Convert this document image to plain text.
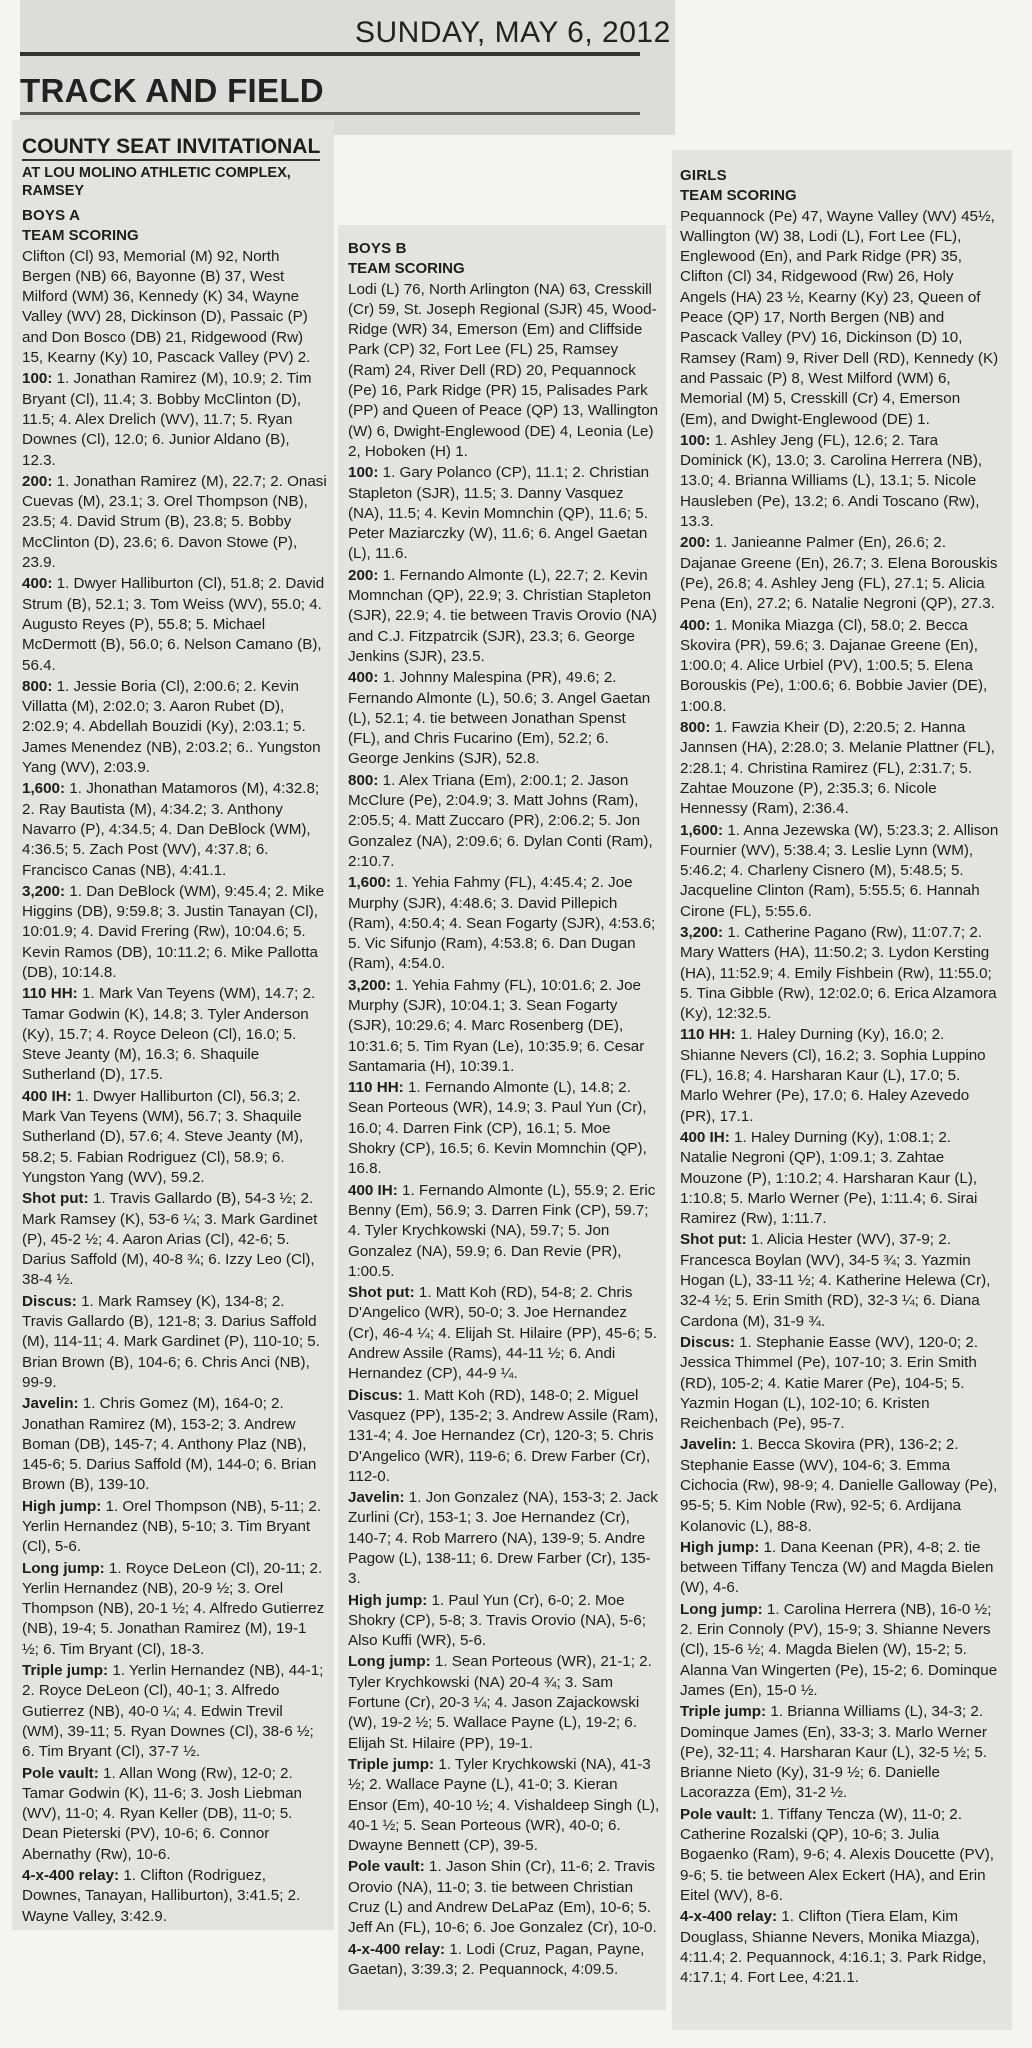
SUNDAY, MAY 6, 2012
TRACK AND FIELD
COUNTY SEAT INVITATIONAL
AT LOU MOLINO ATHLETIC COMPLEX, RAMSEY
BOYS A
TEAM SCORING

Clifton (Cl) 93, Memorial (M) 92, North Bergen (NB) 66, Bayonne (B) 37, West Milford (WM) 36, Kennedy (K) 34, Wayne Valley (WV) 28, Dickinson (D), Passaic (P) and Don Bosco (DB) 21, Ridgewood (Rw) 15, Kearny (Ky) 10, Pascack Valley (PV) 2.

100: 1. Jonathan Ramirez (M), 10.9; 2. Tim Bryant (Cl), 11.4; 3. Bobby McClinton (D), 11.5; 4. Alex Drelich (WV), 11.7; 5. Ryan Downes (Cl), 12.0; 6. Junior Aldano (B), 12.3.

200: 1. Jonathan Ramirez (M), 22.7; 2. Onasi Cuevas (M), 23.1; 3. Orel Thompson (NB), 23.5; 4. David Strum (B), 23.8; 5. Bobby McClinton (D), 23.6; 6. Davon Stowe (P), 23.9.

400: 1. Dwyer Halliburton (Cl), 51.8; 2. David Strum (B), 52.1; 3. Tom Weiss (WV), 55.0; 4. Augusto Reyes (P), 55.8; 5. Michael McDermott (B), 56.0; 6. Nelson Camano (B), 56.4.

800: 1. Jessie Boria (Cl), 2:00.6; 2. Kevin Villatta (M), 2:02.0; 3. Aaron Rubet (D), 2:02.9; 4. Abdellah Bouzidi (Ky), 2:03.1; 5. James Menendez (NB), 2:03.2; 6.. Yungston Yang (WV), 2:03.9.

1,600: 1. Jhonathan Matamoros (M), 4:32.8; 2. Ray Bautista (M), 4:34.2; 3. Anthony Navarro (P), 4:34.5; 4. Dan DeBlock (WM), 4:36.5; 5. Zach Post (WV), 4:37.8; 6. Francisco Canas (NB), 4:41.1.

3,200: 1. Dan DeBlock (WM), 9:45.4; 2. Mike Higgins (DB), 9:59.8; 3. Justin Tanayan (Cl), 10:01.9; 4. David Frering (Rw), 10:04.6; 5. Kevin Ramos (DB), 10:11.2; 6. Mike Pallotta (DB), 10:14.8.

110 HH: 1. Mark Van Teyens (WM), 14.7; 2. Tamar Godwin (K), 14.8; 3. Tyler Anderson (Ky), 15.7; 4. Royce Deleon (Cl), 16.0; 5. Steve Jeanty (M), 16.3; 6. Shaquile Sutherland (D), 17.5.

400 IH: 1. Dwyer Halliburton (Cl), 56.3; 2. Mark Van Teyens (WM), 56.7; 3. Shaquile Sutherland (D), 57.6; 4. Steve Jeanty (M), 58.2; 5. Fabian Rodriguez (Cl), 58.9; 6. Yungston Yang (WV), 59.2.

Shot put: 1. Travis Gallardo (B), 54-3 ½; 2. Mark Ramsey (K), 53-6 ¼; 3. Mark Gardinet (P), 45-2 ½; 4. Aaron Arias (Cl), 42-6; 5. Darius Saffold (M), 40-8 ¾; 6. Izzy Leo (Cl), 38-4 ½.

Discus: 1. Mark Ramsey (K), 134-8; 2. Travis Gallardo (B), 121-8; 3. Darius Saffold (M), 114-11; 4. Mark Gardinet (P), 110-10; 5. Brian Brown (B), 104-6; 6. Chris Anci (NB), 99-9.

Javelin: 1. Chris Gomez (M), 164-0; 2. Jonathan Ramirez (M), 153-2; 3. Andrew Boman (DB), 145-7; 4. Anthony Plaz (NB), 145-6; 5. Darius Saffold (M), 144-0; 6. Brian Brown (B), 139-10.

High jump: 1. Orel Thompson (NB), 5-11; 2. Yerlin Hernandez (NB), 5-10; 3. Tim Bryant (Cl), 5-6.

Long jump: 1. Royce DeLeon (Cl), 20-11; 2. Yerlin Hernandez (NB), 20-9 ½; 3. Orel Thompson (NB), 20-1 ½; 4. Alfredo Gutierrez (NB), 19-4; 5. Jonathan Ramirez (M), 19-1 ½; 6. Tim Bryant (Cl), 18-3.

Triple jump: 1. Yerlin Hernandez (NB), 44-1; 2. Royce DeLeon (Cl), 40-1; 3. Alfredo Gutierrez (NB), 40-0 ¼; 4. Edwin Trevil (WM), 39-11; 5. Ryan Downes (Cl), 38-6 ½; 6. Tim Bryant (Cl), 37-7 ½.

Pole vault: 1. Allan Wong (Rw), 12-0; 2. Tamar Godwin (K), 11-6; 3. Josh Liebman (WV), 11-0; 4. Ryan Keller (DB), 11-0; 5. Dean Pieterski (PV), 10-6; 6. Connor Abernathy (Rw), 10-6.

4-x-400 relay: 1. Clifton (Rodriguez, Downes, Tanayan, Halliburton), 3:41.5; 2. Wayne Valley, 3:42.9.

BOYS B
TEAM SCORING

Lodi (L) 76, North Arlington (NA) 63, Cresskill (Cr) 59, St. Joseph Regional (SJR) 45, Wood-Ridge (WR) 34, Emerson (Em) and Cliffside Park (CP) 32, Fort Lee (FL) 25, Ramsey (Ram) 24, River Dell (RD) 20, Pequannock (Pe) 16, Park Ridge (PR) 15, Palisades Park (PP) and Queen of Peace (QP) 13, Wallington (W) 6, Dwight-Englewood (DE) 4, Leonia (Le) 2, Hoboken (H) 1.

100: 1. Gary Polanco (CP), 11.1; 2. Christian Stapleton (SJR), 11.5; 3. Danny Vasquez (NA), 11.5; 4. Kevin Momnchin (QP), 11.6; 5. Peter Maziarczky (W), 11.6; 6. Angel Gaetan (L), 11.6.

200: 1. Fernando Almonte (L), 22.7; 2. Kevin Momnchan (QP), 22.9; 3. Christian Stapleton (SJR), 22.9; 4. tie between Travis Orovio (NA) and C.J. Fitzpatrcik (SJR), 23.3; 6. George Jenkins (SJR), 23.5.

400: 1. Johnny Malespina (PR), 49.6; 2. Fernando Almonte (L), 50.6; 3. Angel Gaetan (L), 52.1; 4. tie between Jonathan Spenst (FL), and Chris Fucarino (Em), 52.2; 6. George Jenkins (SJR), 52.8.

800: 1. Alex Triana (Em), 2:00.1; 2. Jason McClure (Pe), 2:04.9; 3. Matt Johns (Ram), 2:05.5; 4. Matt Zuccaro (PR), 2:06.2; 5. Jon Gonzalez (NA), 2:09.6; 6. Dylan Conti (Ram), 2:10.7.

1,600: 1. Yehia Fahmy (FL), 4:45.4; 2. Joe Murphy (SJR), 4:48.6; 3. David Pillepich (Ram), 4:50.4; 4. Sean Fogarty (SJR), 4:53.6; 5. Vic Sifunjo (Ram), 4:53.8; 6. Dan Dugan (Ram), 4:54.0.

3,200: 1. Yehia Fahmy (FL), 10:01.6; 2. Joe Murphy (SJR), 10:04.1; 3. Sean Fogarty (SJR), 10:29.6; 4. Marc Rosenberg (DE), 10:31.6; 5. Tim Ryan (Le), 10:35.9; 6. Cesar Santamaria (H), 10:39.1.

110 HH: 1. Fernando Almonte (L), 14.8; 2. Sean Porteous (WR), 14.9; 3. Paul Yun (Cr), 16.0; 4. Darren Fink (CP), 16.1; 5. Moe Shokry (CP), 16.5; 6. Kevin Momnchin (QP), 16.8.

400 IH: 1. Fernando Almonte (L), 55.9; 2. Eric Benny (Em), 56.9; 3. Darren Fink (CP), 59.7; 4. Tyler Krychkowski (NA), 59.7; 5. Jon Gonzalez (NA), 59.9; 6. Dan Revie (PR), 1:00.5.

Shot put: 1. Matt Koh (RD), 54-8; 2. Chris D'Angelico (WR), 50-0; 3. Joe Hernandez (Cr), 46-4 ¼; 4. Elijah St. Hilaire (PP), 45-6; 5. Andrew Assile (Rams), 44-11 ½; 6. Andi Hernandez (CP), 44-9 ¼.

Discus: 1. Matt Koh (RD), 148-0; 2. Miguel Vasquez (PP), 135-2; 3. Andrew Assile (Ram), 131-4; 4. Joe Hernandez (Cr), 120-3; 5. Chris D'Angelico (WR), 119-6; 6. Drew Farber (Cr), 112-0.

Javelin: 1. Jon Gonzalez (NA), 153-3; 2. Jack Zurlini (Cr), 153-1; 3. Joe Hernandez (Cr), 140-7; 4. Rob Marrero (NA), 139-9; 5. Andre Pagow (L), 138-11; 6. Drew Farber (Cr), 135-3.

High jump: 1. Paul Yun (Cr), 6-0; 2. Moe Shokry (CP), 5-8; 3. Travis Orovio (NA), 5-6; Also Kuffi (WR), 5-6.

Long jump: 1. Sean Porteous (WR), 21-1; 2. Tyler Krychkowski (NA) 20-4 ¾; 3. Sam Fortune (Cr), 20-3 ¼; 4. Jason Zajackowski (W), 19-2 ½; 5. Wallace Payne (L), 19-2; 6. Elijah St. Hilaire (PP), 19-1.

Triple jump: 1. Tyler Krychkowski (NA), 41-3 ½; 2. Wallace Payne (L), 41-0; 3. Kieran Ensor (Em), 40-10 ½; 4. Vishaldeep Singh (L), 40-1 ½; 5. Sean Porteous (WR), 40-0; 6. Dwayne Bennett (CP), 39-5.

Pole vault: 1. Jason Shin (Cr), 11-6; 2. Travis Orovio (NA), 11-0; 3. tie between Christian Cruz (L) and Andrew DeLaPaz (Em), 10-6; 5. Jeff An (FL), 10-6; 6. Joe Gonzalez (Cr), 10-0.

4-x-400 relay: 1. Lodi (Cruz, Pagan, Payne, Gaetan), 3:39.3; 2. Pequannock, 4:09.5.

GIRLS
TEAM SCORING

Pequannock (Pe) 47, Wayne Valley (WV) 45½, Wallington (W) 38, Lodi (L), Fort Lee (FL), Englewood (En), and Park Ridge (PR) 35, Clifton (Cl) 34, Ridgewood (Rw) 26, Holy Angels (HA) 23 ½, Kearny (Ky) 23, Queen of Peace (QP) 17, North Bergen (NB) and Pascack Valley (PV) 16, Dickinson (D) 10, Ramsey (Ram) 9, River Dell (RD), Kennedy (K) and Passaic (P) 8, West Milford (WM) 6, Memorial (M) 5, Cresskill (Cr) 4, Emerson (Em), and Dwight-Englewood (DE) 1.

100: 1. Ashley Jeng (FL), 12.6; 2. Tara Dominick (K), 13.0; 3. Carolina Herrera (NB), 13.0; 4. Brianna Williams (L), 13.1; 5. Nicole Hausleben (Pe), 13.2; 6. Andi Toscano (Rw), 13.3.

200: 1. Janieanne Palmer (En), 26.6; 2. Dajanae Greene (En), 26.7; 3. Elena Borouskis (Pe), 26.8; 4. Ashley Jeng (FL), 27.1; 5. Alicia Pena (En), 27.2; 6. Natalie Negroni (QP), 27.3.

400: 1. Monika Miazga (Cl), 58.0; 2. Becca Skovira (PR), 59.6; 3. Dajanae Greene (En), 1:00.0; 4. Alice Urbiel (PV), 1:00.5; 5. Elena Borouskis (Pe), 1:00.6; 6. Bobbie Javier (DE), 1:00.8.

800: 1. Fawzia Kheir (D), 2:20.5; 2. Hanna Jannsen (HA), 2:28.0; 3. Melanie Plattner (FL), 2:28.1; 4. Christina Ramirez (FL), 2:31.7; 5. Zahtae Mouzone (P), 2:35.3; 6. Nicole Hennessy (Ram), 2:36.4.

1,600: 1. Anna Jezewska (W), 5:23.3; 2. Allison Fournier (WV), 5:38.4; 3. Leslie Lynn (WM), 5:46.2; 4. Charleny Cisnero (M), 5:48.5; 5. Jacqueline Clinton (Ram), 5:55.5; 6. Hannah Cirone (FL), 5:55.6.

3,200: 1. Catherine Pagano (Rw), 11:07.7; 2. Mary Watters (HA), 11:50.2; 3. Lydon Kersting (HA), 11:52.9; 4. Emily Fishbein (Rw), 11:55.0; 5. Tina Gibble (Rw), 12:02.0; 6. Erica Alzamora (Ky), 12:32.5.

110 HH: 1. Haley Durning (Ky), 16.0; 2. Shianne Nevers (Cl), 16.2; 3. Sophia Luppino (FL), 16.8; 4. Harsharan Kaur (L), 17.0; 5. Marlo Wehrer (Pe), 17.0; 6. Haley Azevedo (PR), 17.1.

400 IH: 1. Haley Durning (Ky), 1:08.1; 2. Natalie Negroni (QP), 1:09.1; 3. Zahtae Mouzone (P), 1:10.2; 4. Harsharan Kaur (L), 1:10.8; 5. Marlo Werner (Pe), 1:11.4; 6. Sirai Ramirez (Rw), 1:11.7.

Shot put: 1. Alicia Hester (WV), 37-9; 2. Francesca Boylan (WV), 34-5 ¾; 3. Yazmin Hogan (L), 33-11 ½; 4. Katherine Helewa (Cr), 32-4 ½; 5. Erin Smith (RD), 32-3 ¼; 6. Diana Cardona (M), 31-9 ¾.

Discus: 1. Stephanie Easse (WV), 120-0; 2. Jessica Thimmel (Pe), 107-10; 3. Erin Smith (RD), 105-2; 4. Katie Marer (Pe), 104-5; 5. Yazmin Hogan (L), 102-10; 6. Kristen Reichenbach (Pe), 95-7.

Javelin: 1. Becca Skovira (PR), 136-2; 2. Stephanie Easse (WV), 104-6; 3. Emma Cichocia (Rw), 98-9; 4. Danielle Galloway (Pe), 95-5; 5. Kim Noble (Rw), 92-5; 6. Ardijana Kolanovic (L), 88-8.

High jump: 1. Dana Keenan (PR), 4-8; 2. tie between Tiffany Tencza (W) and Magda Bielen (W), 4-6.

Long jump: 1. Carolina Herrera (NB), 16-0 ½; 2. Erin Connoly (PV), 15-9; 3. Shianne Nevers (Cl), 15-6 ½; 4. Magda Bielen (W), 15-2; 5. Alanna Van Wingerten (Pe), 15-2; 6. Dominque James (En), 15-0 ½.

Triple jump: 1. Brianna Williams (L), 34-3; 2. Dominque James (En), 33-3; 3. Marlo Werner (Pe), 32-11; 4. Harsharan Kaur (L), 32-5 ½; 5. Brianne Nieto (Ky), 31-9 ½; 6. Danielle Lacorazza (Em), 31-2 ½.

Pole vault: 1. Tiffany Tencza (W), 11-0; 2. Catherine Rozalski (QP), 10-6; 3. Julia Bogaenko (Ram), 9-6; 4. Alexis Doucette (PV), 9-6; 5. tie between Alex Eckert (HA), and Erin Eitel (WV), 8-6.

4-x-400 relay: 1. Clifton (Tiera Elam, Kim Douglass, Shianne Nevers, Monika Miazga), 4:11.4; 2. Pequannock, 4:16.1; 3. Park Ridge, 4:17.1; 4. Fort Lee, 4:21.1.
